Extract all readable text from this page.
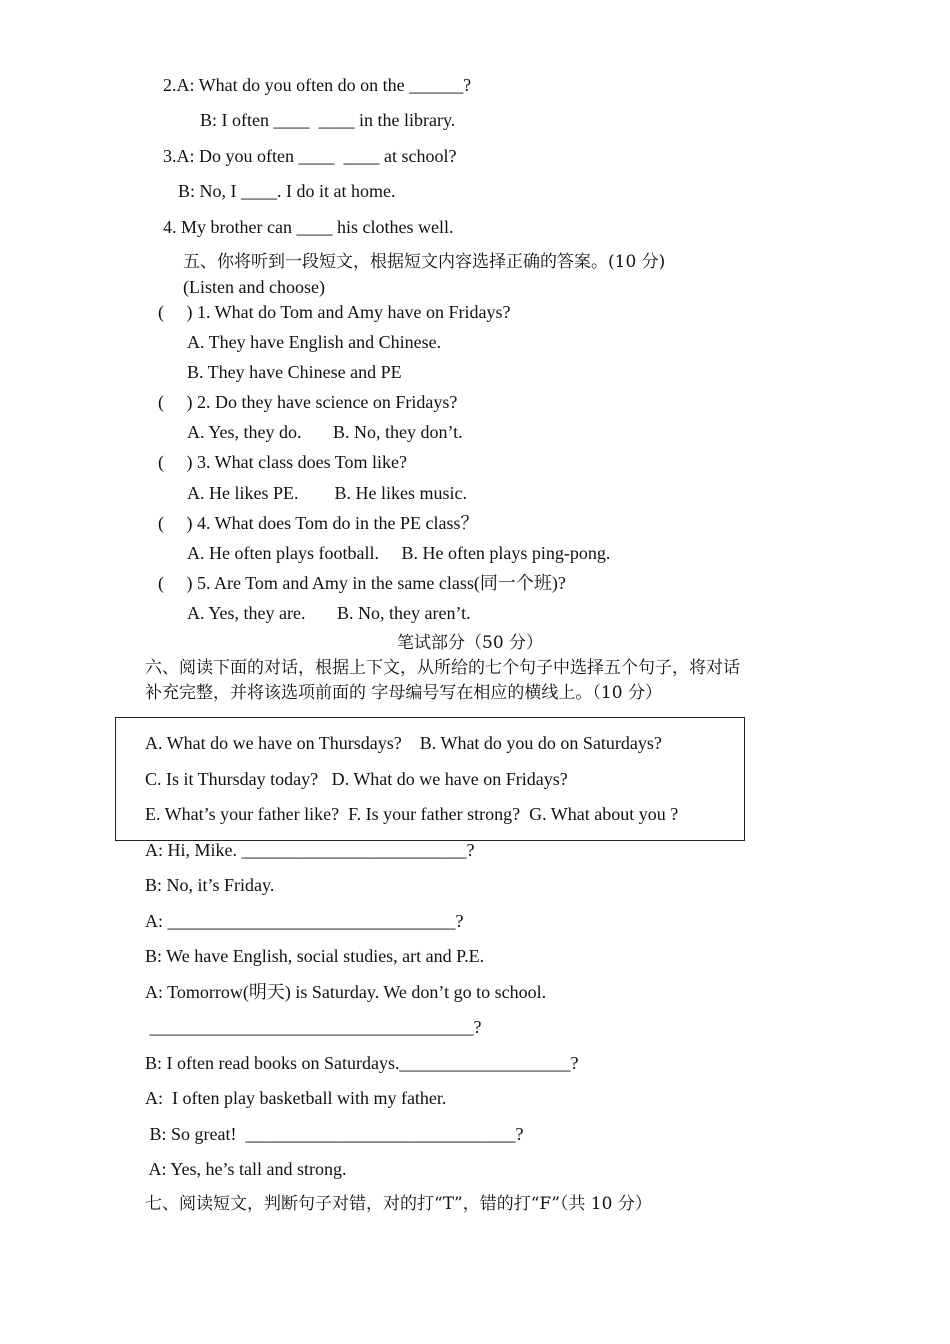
2.A: What do you often do on the ______?
B: I often ____  ____ in the library.
3.A: Do you often ____  ____ at school?
B: No, I ____. I do it at home.
4. My brother can ____ his clothes well.
五、你将听到一段短文，根据短文内容选择正确的答案。(10 分)
(Listen and choose)
(     ) 1. What do Tom and Amy have on Fridays?
A. They have English and Chinese.
B. They have Chinese and PE
(     ) 2. Do they have science on Fridays?
A. Yes, they do.       B. No, they don’t.
(     ) 3. What class does Tom like?
A. He likes PE.        B. He likes music.
(     ) 4. What does Tom do in the PE class？
A. He often plays football.     B. He often plays ping-pong.
(     ) 5. Are Tom and Amy in the same class(同一个班)?
A. Yes, they are.       B. No, they aren’t.
笔试部分（50 分）
六、阅读下面的对话，根据上下文，从所给的七个句子中选择五个句子，将对话
补充完整，并将该选项前面的 字母编号写在相应的横线上。（10 分）
A. What do we have on Thursdays?    B. What do you do on Saturdays?
C. Is it Thursday today?   D. What do we have on Fridays?
E. What’s your father like?  F. Is your father strong?  G. What about you ?
A: Hi, Mike. _________________________?
B: No, it’s Friday.
A: ________________________________?
B: We have English, social studies, art and P.E.
A: Tomorrow(明天) is Saturday. We don’t go to school.
____________________________________?
B: I often read books on Saturdays.___________________?
A:  I often play basketball with my father.
B: So great!  ______________________________?
A: Yes, he’s tall and strong.
七、阅读短文，判断句子对错，对的打“T”，错的打“F”（共 10 分）
